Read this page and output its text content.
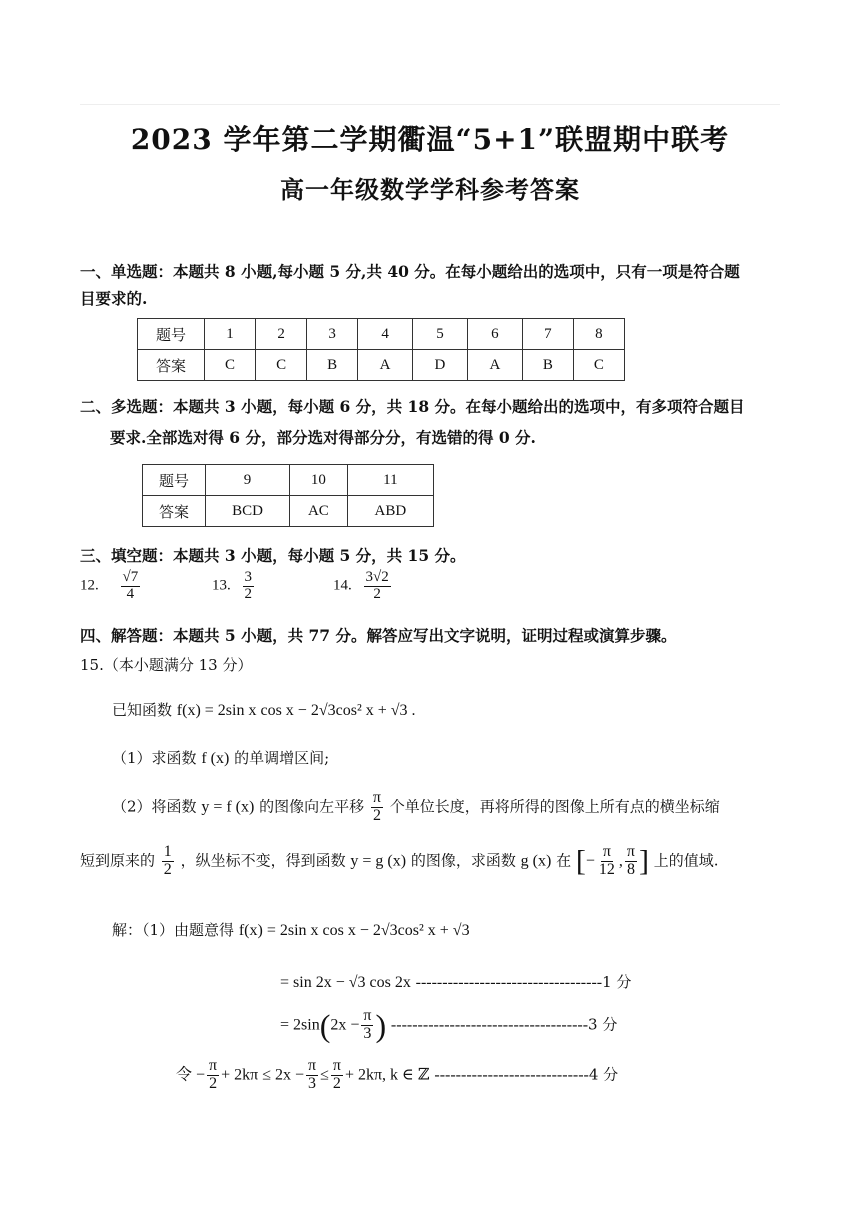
2023 学年第二学期衢温“5+1”联盟期中联考
高一年级数学学科参考答案
一、单选题：本题共 8 小题,每小题 5 分,共 40 分。在每小题给出的选项中，只有一项是符合题
目要求的.
题号	1	2	3	4	5	6	7	8
答案	C	C	B	A	D	A	B	C
二、多选题：本题共 3 小题，每小题 6 分，共 18 分。在每小题给出的选项中，有多项符合题目
要求.全部选对得 6 分，部分选对得部分分，有选错的得 0 分.
题号	9	10	11
答案	BCD	AC	ABD
三、填空题：本题共 3 小题，每小题 5 分，共 15 分。
12. $\frac{√7}{4}$	13. $\frac{3}{2}$	14. $\frac{3√2}{2}$
四、解答题：本题共 5 小题，共 77 分。解答应写出文字说明，证明过程或演算步骤。
15.（本小题满分 13 分）
已知函数 f(x) = 2sin x cos x − 2√3cos² x + √3 .
（1）求函数 f (x) 的单调增区间;
（2）将函数 y = f (x) 的图像向左平移 $\frac{\pi}{2}$ 个单位长度，再将所得的图像上所有点的横坐标缩
短到原来的 $\frac{1}{2}$ ，纵坐标不变，得到函数 y = g (x) 的图像，求函数 g (x) 在 [− $\frac{\pi}{12}$ , $\frac{\pi}{8}$ ] 上的值域.
解：（1）由题意得 f(x) = 2sin x cos x − 2√3cos² x + √3
= sin 2x − √3 cos 2x -----------------------------------1 分
= $2\sin(2x - \frac{\pi}{3}$ ) -------------------------------------3 分
令 − $\frac{\pi}{2} + 2k\pi \le 2x - \frac{\pi}{3} \le \frac{\pi}{2} + 2k\pi$, k ∈ ℤ -----------------------------4 分
